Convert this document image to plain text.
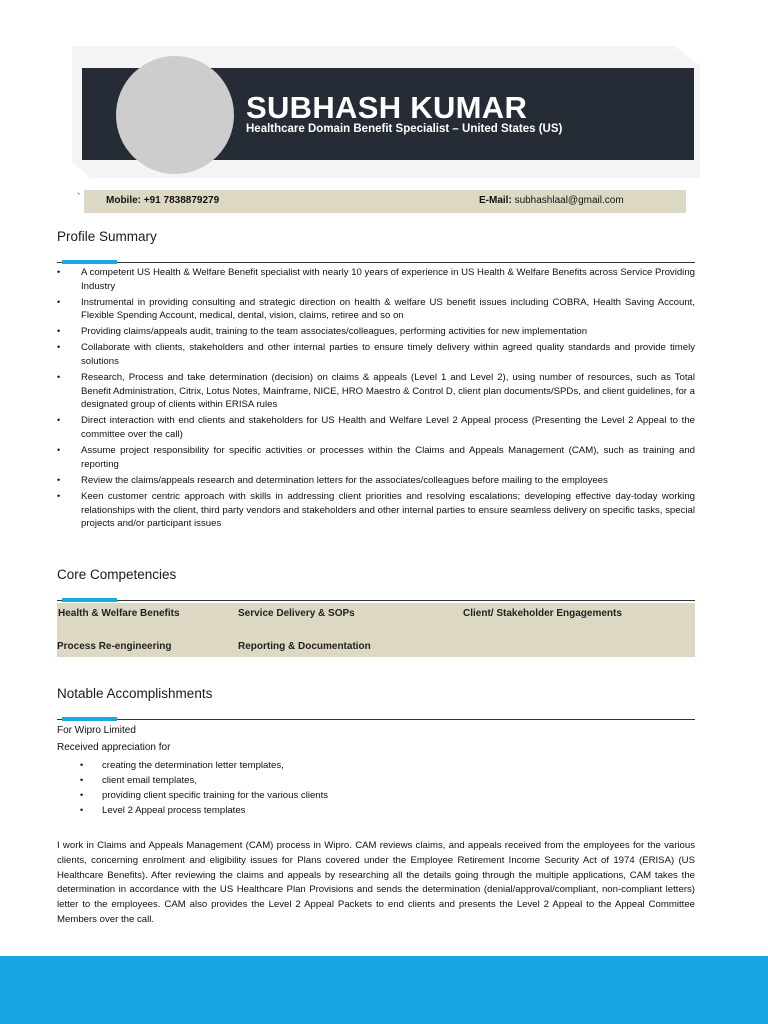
SUBHASH KUMAR
Healthcare Domain Benefit Specialist – United States (US)
`	Mobile: +91 7838879279	E-Mail: subhashlaal@gmail.com
Profile Summary
• A competent US Health & Welfare Benefit specialist with nearly 10 years of experience in US Health & Welfare Benefits across Service Providing Industry
• Instrumental in providing consulting and strategic direction on health & welfare US benefit issues including COBRA, Health Saving Account, Flexible Spending Account, medical, dental, vision, claims, retiree and so on
• Providing claims/appeals audit, training to the team associates/colleagues, performing activities for new implementation
• Collaborate with clients, stakeholders and other internal parties to ensure timely delivery within agreed quality standards and provide timely solutions
• Research, Process and take determination (decision) on claims & appeals (Level 1 and Level 2), using number of resources, such as Total Benefit Administration, Citrix, Lotus Notes, Mainframe, NICE, HRO Maestro & Control D, client plan documents/SPDs, and client guidelines, for a designated group of clients within ERISA rules
• Direct interaction with end clients and stakeholders for US Health and Welfare Level 2 Appeal process (Presenting the Level 2 Appeal to the committee over the call)
• Assume project responsibility for specific activities or processes within the Claims and Appeals Management (CAM), such as training and reporting
• Review the claims/appeals research and determination letters for the associates/colleagues before mailing to the employees
• Keen customer centric approach with skills in addressing client priorities and resolving escalations; developing effective day-today working relationships with the client, third party vendors and stakeholders and other internal parties to ensure seamless delivery on specific tasks, special projects and/or participant issues
Core Competencies
Health & Welfare Benefits	Service Delivery & SOPs	Client/ Stakeholder Engagements
Process Re-engineering	Reporting & Documentation
Notable Accomplishments
For Wipro Limited
Received appreciation for
• creating the determination letter templates,
• client email templates,
• providing client specific training for the various clients
• Level 2 Appeal process templates

I work in Claims and Appeals Management (CAM) process in Wipro. CAM reviews claims, and appeals received from the employees for the various clients, concerning enrolment and eligibility issues for Plans covered under the Employee Retirement Income Security Act of 1974 (ERISA) (US Healthcare Benefits). After reviewing the claims and appeals by researching all the details going through the multiple applications, CAM takes the determination in accordance with the US Healthcare Plan Provisions and sends the determination (denial/approval/compliant, non-compliant letters) letter to the employees. CAM also provides the Level 2 Appeal Packets to end clients and presents the Level 2 Appeal to the Appeal Committee Members over the call.
